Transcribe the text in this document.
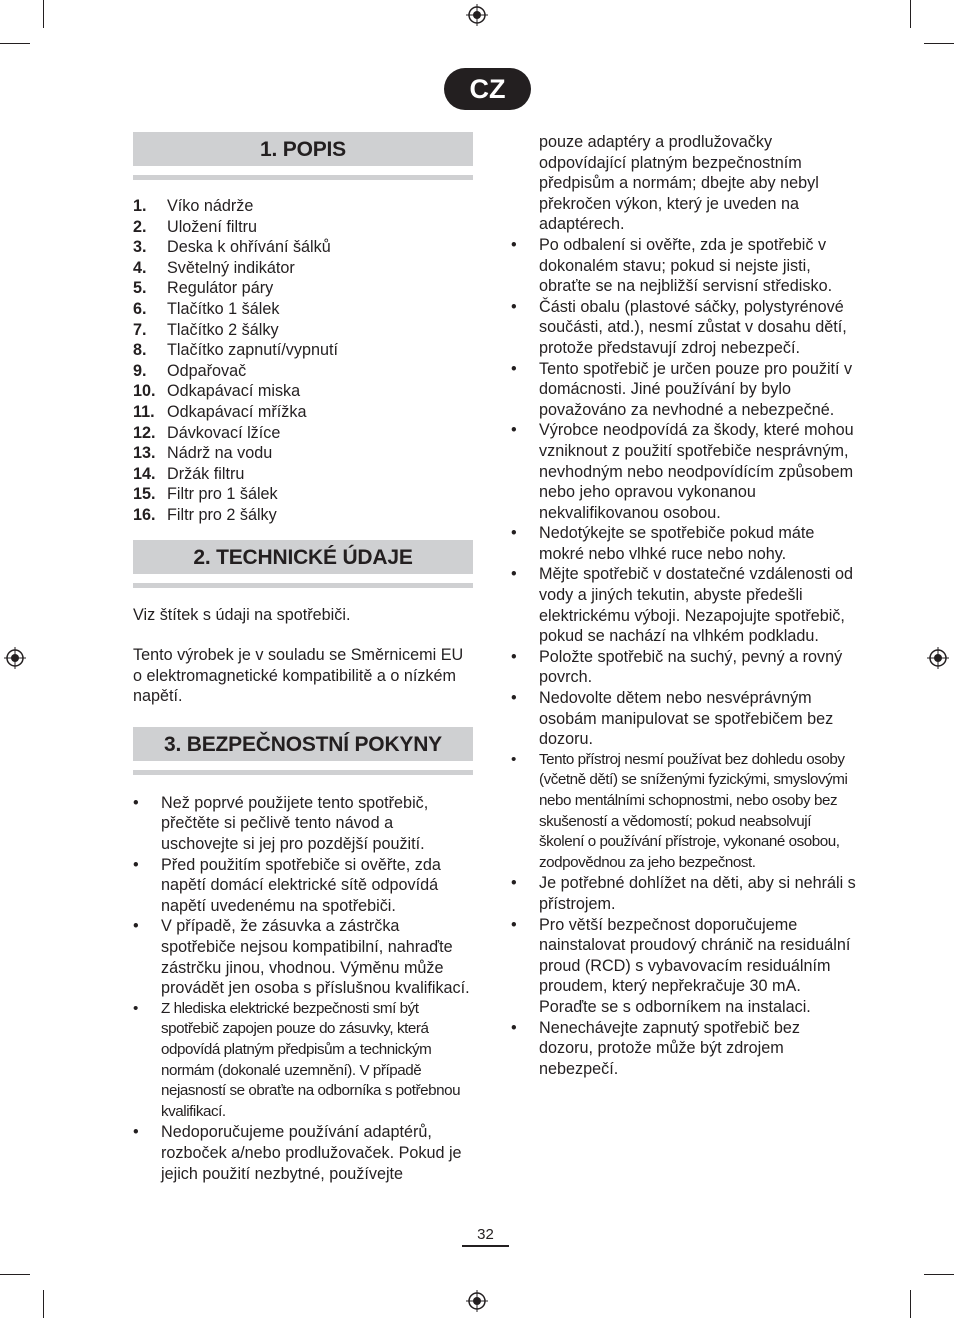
CZ
1. POPIS
1.	Víko nádrže
2.	Uložení filtru
3.	Deska k ohřívání šálků
4.	Světelný indikátor
5.	Regulátor páry
6.	Tlačítko 1 šálek
7.	Tlačítko 2 šálky
8.	Tlačítko zapnutí/vypnutí
9.	Odpařovač
10. Odkapávací miska
11. Odkapávací mřížka
12. Dávkovací lžíce
13. Nádrž na vodu
14. Držák filtru
15. Filtr pro 1 šálek
16. Filtr pro 2 šálky
2. TECHNICKÉ ÚDAJE

Viz štítek s údaji na spotřebiči.

Tento výrobek je v souladu se Směrnicemi EU o elektromagnetické kompatibilitě a o nízkém napětí.

3. BEZPEČNOSTNÍ POKYNY
• Než poprvé použijete tento spotřebič, přečtěte si pečlivě tento návod a uschovejte si jej pro pozdější použití.
• Před použitím spotřebiče si ověřte, zda napětí domácí elektrické sítě odpovídá napětí uvedenému na spotřebiči.
• V případě, že zásuvka a zástrčka spotřebiče nejsou kompatibilní, nahraďte zástrčku jinou, vhodnou. Výměnu může provádět jen osoba s příslušnou kvalifikací.
• Z hlediska elektrické bezpečnosti smí být spotřebič zapojen pouze do zásuvky, která odpovídá platným předpisům a technickým normám (dokonalé uzemnění). V případě nejasností se obraťte na odborníka s potřebnou kvalifikací.
• Nedoporučujeme používání adaptérů, rozboček a/nebo prodlužovaček. Pokud je jejich použití nezbytné, používejte

pouze adaptéry a prodlužovačky odpovídající platným bezpečnostním předpisům a normám; dbejte aby nebyl překročen výkon, který je uveden na adaptérech.

• Po odbalení si ověřte, zda je spotřebič v dokonalém stavu; pokud si nejste jisti, obraťte se na nejbližší servisní středisko.
• Části obalu (plastové sáčky, polystyrénové součásti, atd.), nesmí zůstat v dosahu dětí, protože představují zdroj nebezpečí.
• Tento spotřebič je určen pouze pro použití v domácnosti. Jiné používání by bylo považováno za nevhodné a nebezpečné.
• Výrobce neodpovídá za škody, které mohou vzniknout z použití spotřebiče nesprávným, nevhodným nebo neodpovídícím způsobem nebo jeho opravou vykonanou nekvalifikovanou osobou.
• Nedotýkejte se spotřebiče pokud máte mokré nebo vlhké ruce nebo nohy.
• Mějte spotřebič v dostatečné vzdálenosti od vody a jiných tekutin, abyste předešli elektrickému výboji. Nezapojujte spotřebič, pokud se nachází na vlhkém podkladu.
• Položte spotřebič na suchý, pevný a rovný povrch.
• Nedovolte dětem nebo nesvéprávným osobám manipulovat se spotřebičem bez dozoru.
• Tento přístroj nesmí používat bez dohledu osoby (včetně dětí) se sníženými fyzickými, smyslovými nebo mentálními schopnostmi, nebo osoby bez skušeností a vědomostí; pokud neabsolvují školení o používání přístroje, vykonané osobou, zodpovědnou za jeho bezpečnost.
• Je potřebné dohlížet na děti, aby si nehráli s přístrojem.
• Pro větší bezpečnost doporučujeme nainstalovat proudový chránič na residuální proud (RCD) s vybavovacím residuálním proudem, který nepřekračuje 30 mA. Poraďte se s odborníkem na instalaci.
• Nenechávejte zapnutý spotřebič bez dozoru, protože může být zdrojem nebezpečí.
32
